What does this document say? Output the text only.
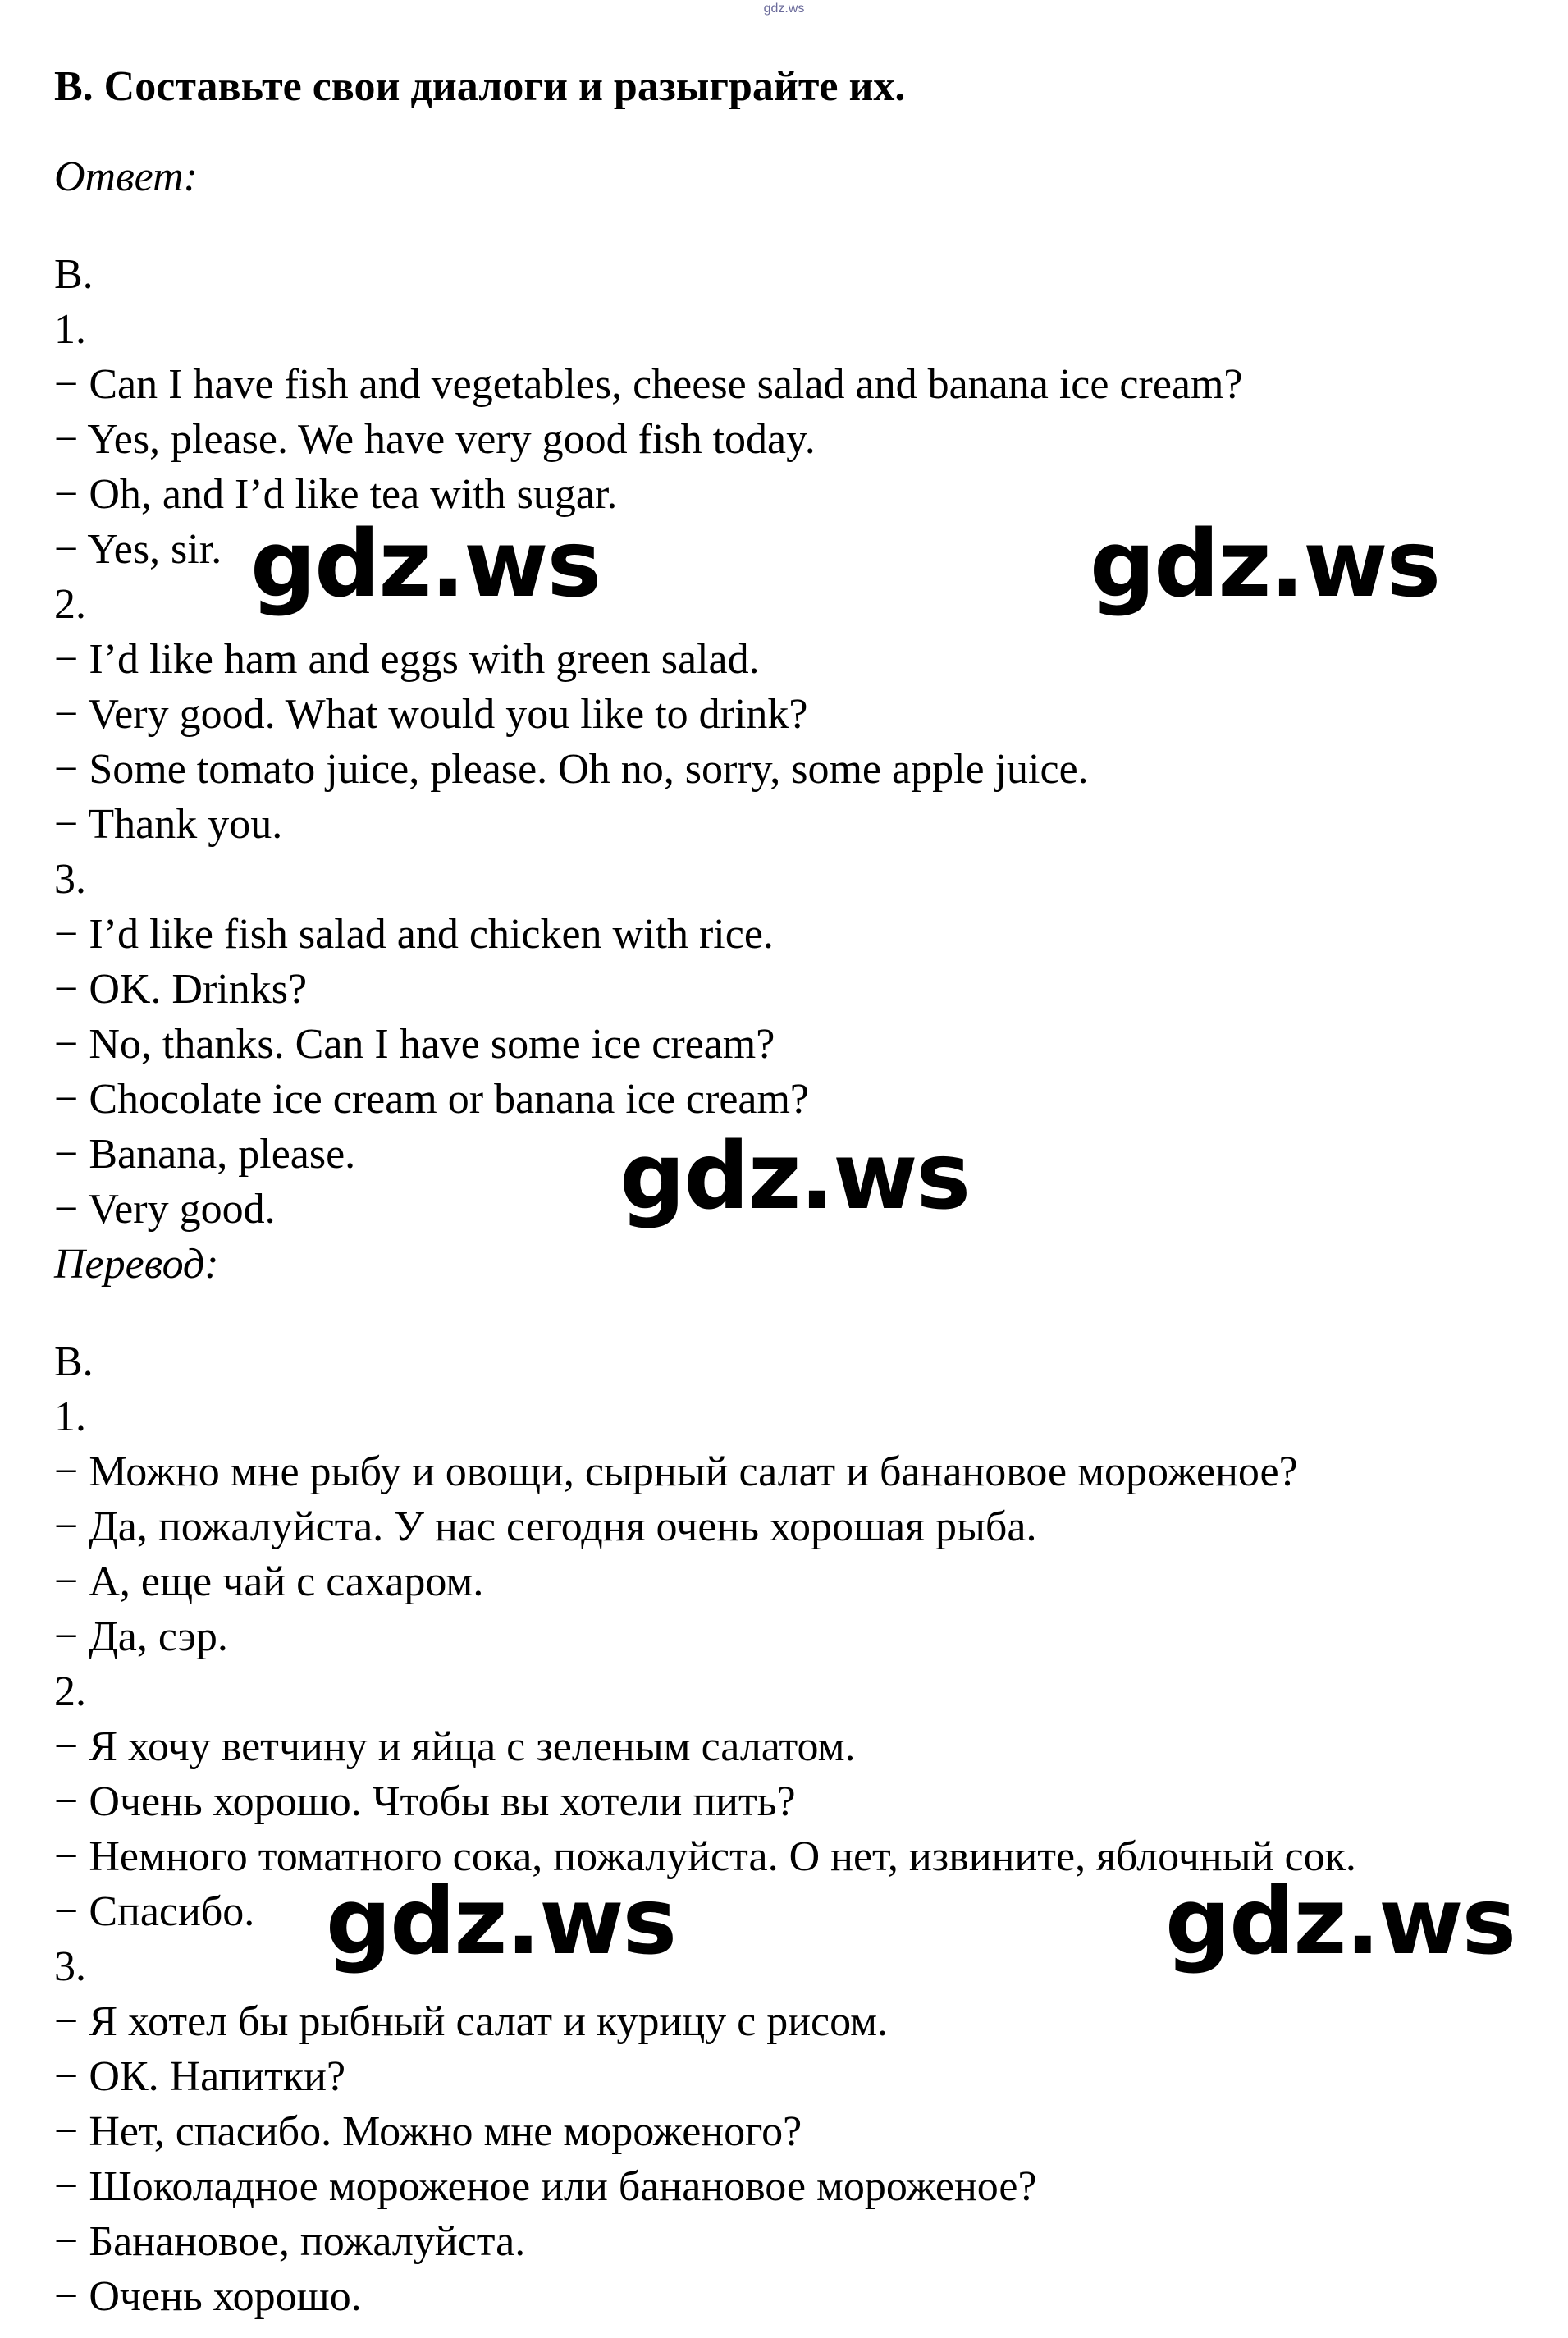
gdz.ws
B. Составьте свои диалоги и разыграйте их.
Ответ:
B.
1.
− Can I have fish and vegetables, cheese salad and banana ice cream?
− Yes, please. We have very good fish today.
− Oh, and I’d like tea with sugar.
− Yes, sir.
2.
− I’d like ham and eggs with green salad.
− Very good. What would you like to drink?
− Some tomato juice, please. Oh no, sorry, some apple juice.
− Thank you.
3.
− I’d like fish salad and chicken with rice.
− OK. Drinks?
− No, thanks. Can I have some ice cream?
− Chocolate ice cream or banana ice cream?
− Banana, please.
− Very good.
Перевод:
B.
1.
− Можно мне рыбу и овощи, сырный салат и банановое мороженое?
− Да, пожалуйста. У нас сегодня очень хорошая рыба.
− А, еще чай с сахаром.
− Да, сэр.
2.
− Я хочу ветчину и яйца с зеленым салатом.
− Очень хорошо. Чтобы вы хотели пить?
− Немного томатного сока, пожалуйста. О нет, извините, яблочный сок.
− Спасибо.
3.
− Я хотел бы рыбный салат и курицу с рисом.
− ОК. Напитки?
− Нет, спасибо. Можно мне мороженого?
− Шоколадное мороженое или банановое мороженое?
− Банановое, пожалуйста.
− Очень хорошо.
gdz.ws	gdz.ws
gdz.ws
gdz.ws	gdz.ws
